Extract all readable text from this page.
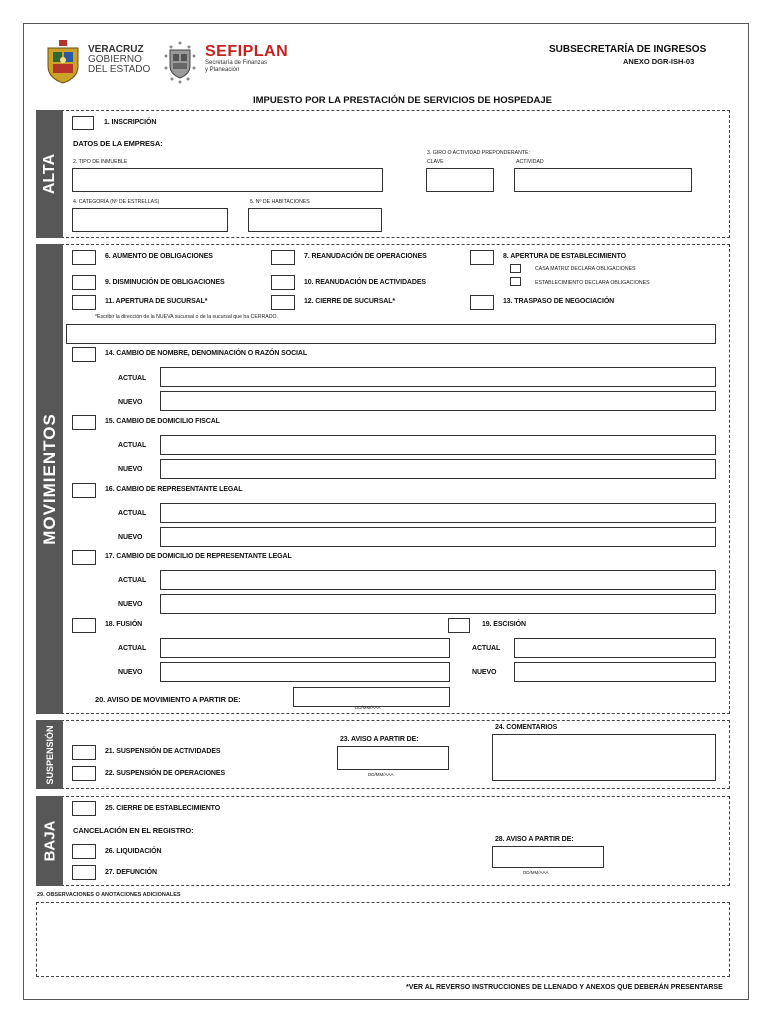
VERACRUZ
GOBIERNO
DEL ESTADO
SEFIPLAN
Secretaría de Finanzas
y Planeación
SUBSECRETARÍA DE INGRESOS
ANEXO DGR-ISH-03
IMPUESTO POR LA PRESTACIÓN DE SERVICIOS DE HOSPEDAJE
ALTA
1. INSCRIPCIÓN
DATOS DE LA EMPRESA:
2. TIPO DE INMUEBLE
3. GIRO O ACTIVIDAD PREPONDERANTE:
CLAVE	ACTIVIDAD
4. CATEGORÍA (Nº DE ESTRELLAS)	5. Nº DE HABITACIONES
MOVIMIENTOS
6. AUMENTO DE OBLIGACIONES	7. REANUDACIÓN DE OPERACIONES	8. APERTURA DE ESTABLECIMIENTO
CASA MATRIZ DECLARA OBLIGACIONES
ESTABLECIMIENTO DECLARA OBLIGACIONES
9. DISMINUCIÓN DE OBLIGACIONES	10. REANUDACIÓN DE ACTIVIDADES
11. APERTURA DE SUCURSAL*	12. CIERRE DE SUCURSAL*	13. TRASPASO DE NEGOCIACIÓN
*Escribir la dirección de la NUEVA sucursal o de la sucursal que ha CERRADO.
14. CAMBIO DE NOMBRE, DENOMINACIÓN O RAZÓN SOCIAL
ACTUAL
NUEVO
15. CAMBIO DE DOMICILIO FISCAL
ACTUAL
NUEVO
16. CAMBIO DE REPRESENTANTE LEGAL
ACTUAL
NUEVO
17. CAMBIO DE DOMICILIO DE REPRESENTANTE LEGAL
ACTUAL
NUEVO
18. FUSIÓN	19. ESCISIÓN
ACTUAL	ACTUAL
NUEVO	NUEVO
20. AVISO DE MOVIMIENTO A PARTIR DE:
DD/MM/AAA
SUSPENSIÓN	21. SUSPENSIÓN DE ACTIVIDADES
22. SUSPENSIÓN DE OPERACIONES
23. AVISO A PARTIR DE:
DD/MM/AAA
24. COMENTARIOS
BAJA
25. CIERRE DE ESTABLECIMIENTO
CANCELACIÓN EN EL REGISTRO:
26. LIQUIDACIÓN
27. DEFUNCIÓN
28. AVISO A PARTIR DE:
DD/MM/AAA
29. OBSERVACIONES O ANOTACIONES ADICIONALES
*VER AL REVERSO INSTRUCCIONES DE LLENADO Y ANEXOS QUE DEBERÁN PRESENTARSE
